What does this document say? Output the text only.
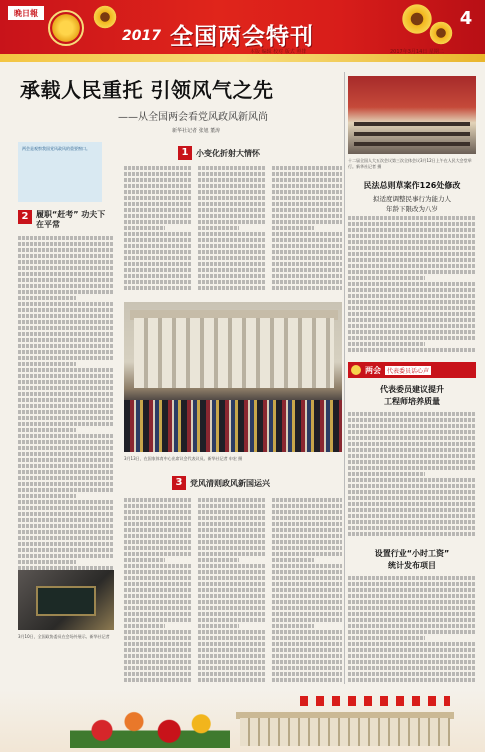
晚日報
2017 全国两会特刊
4
本版 编辑 校对 版式 照排	2017年3月14日 星期二
承载人民重托 引领风气之先
——从全国两会看党风政风新风尚
新华社记者 张旭 董涛

两会是观察我国党风政风的重要窗口。	1 小变化折射大情怀
2 履职“赶考” 功夫下在平常
3月13日，在国家体育中心出席议会代表议员。新华社记者 申宏 摄
3 党风清则政风新国运兴
3月10日，全国政协委员在会场外展示。新华社记者
十二届全国人大五次会议第三次全体会议3月12日上午在人民大会堂举行。新华社记者 摄
民法总则草案作126处修改
拟适度调整民事行为能力人
年龄下限改为八岁
两会	代表委员话心声
代表委员建议提升
工程师培养质量
设置行业“小时工资”
统计发布项目
